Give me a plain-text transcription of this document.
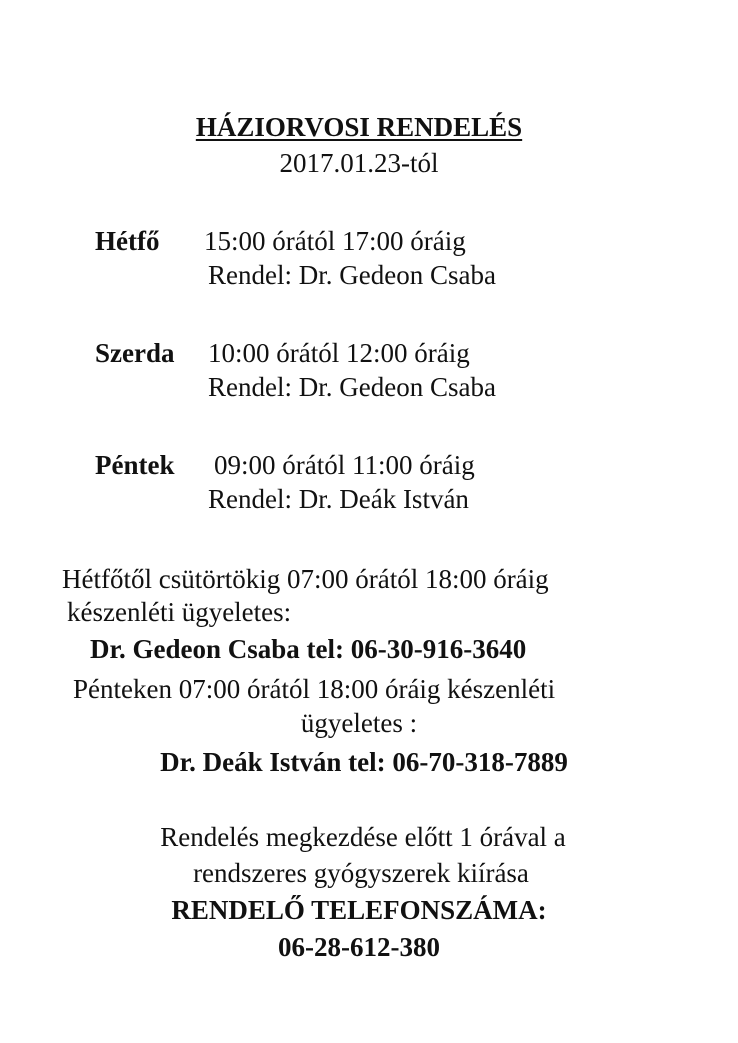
HÁZIORVOSI RENDELÉS
2017.01.23-tól
Hétfő 15:00 órától 17:00 óráig
Rendel: Dr. Gedeon Csaba
Szerda 10:00 órától 12:00 óráig
Rendel: Dr. Gedeon Csaba
Péntek 09:00 órától 11:00 óráig
Rendel: Dr. Deák István
Hétfőtől csütörtökig 07:00 órától 18:00 óráig
készenléti ügyeletes:
Dr. Gedeon Csaba tel: 06-30-916-3640
Pénteken 07:00 órától 18:00 óráig készenléti
ügyeletes :
Dr. Deák István tel: 06-70-318-7889
Rendelés megkezdése előtt 1 órával a
rendszeres gyógyszerek kiírása
RENDELŐ TELEFONSZÁMA:
06-28-612-380
